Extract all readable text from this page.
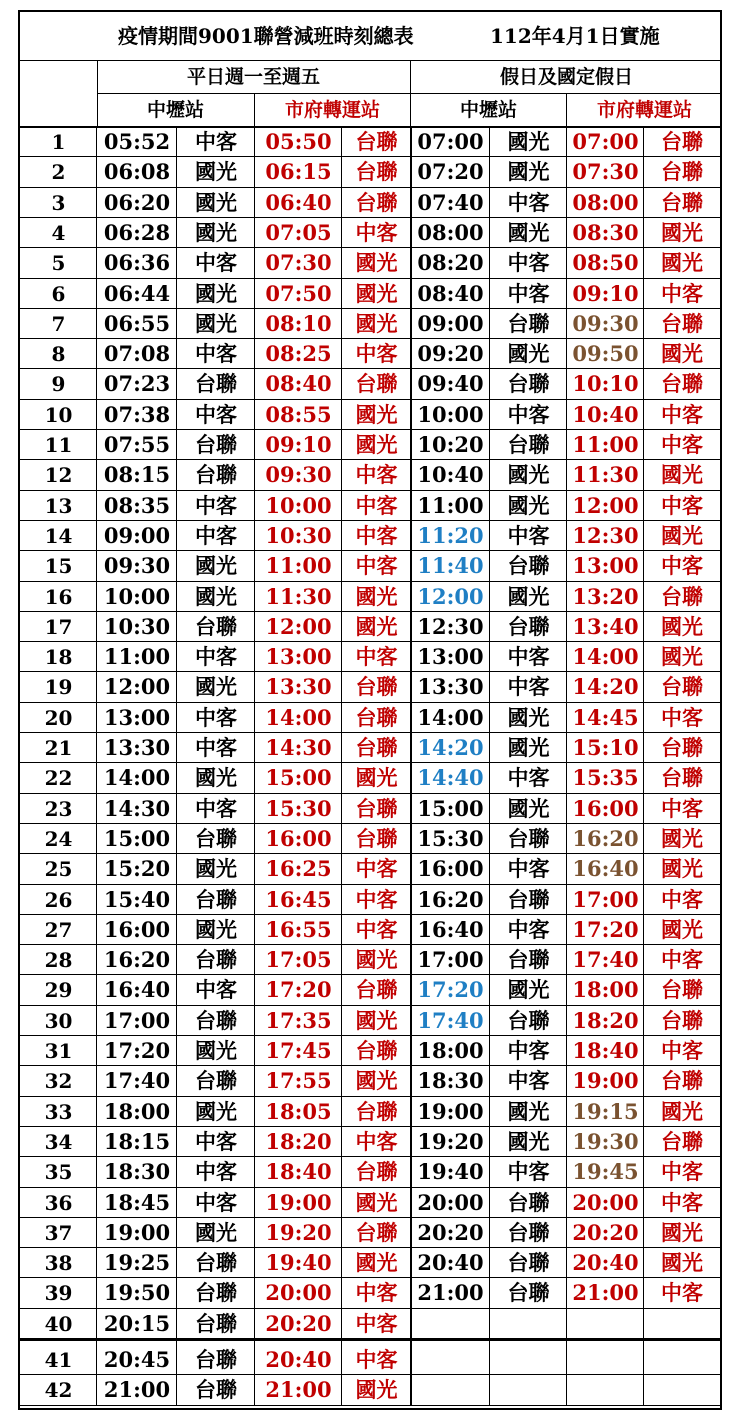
疫情期間9001聯營減班時刻總表	112年4月1日實施
平日週一至週五	假日及國定假日
中壢站	市府轉運站	中壢站	市府轉運站
1	05:52	中客	05:50	台聯 07:00	國光	07:00	台聯
2	06:08	國光	06:15	台聯 07:20	國光	07:30	台聯
3	06:20	國光	06:40	台聯 07:40	中客	08:00	台聯
4	06:28	國光	07:05	中客 08:00	國光	08:30	國光
5	06:36	中客	07:30	國光 08:20	中客	08:50	國光
6	06:44	國光	07:50	國光 08:40	中客	09:10	中客
7	06:55	國光	08:10	國光 09:00	台聯	09:30	台聯
8	07:08	中客	08:25	中客 09:20	國光	09:50	國光
9	07:23	台聯	08:40	台聯 09:40	台聯	10:10	台聯
10	07:38	中客	08:55	國光 10:00	中客	10:40	中客
11	07:55	台聯	09:10	國光 10:20	台聯	11:00	中客
12	08:15	台聯	09:30	中客 10:40	國光	11:30	國光
13	08:35	中客	10:00	中客 11:00	國光	12:00	中客
14	09:00	中客	10:30	中客 11:20	中客	12:30	國光
15	09:30	國光	11:00	中客 11:40	台聯	13:00	中客
16	10:00	國光	11:30	國光 12:00	國光	13:20	台聯
17	10:30	台聯	12:00	國光 12:30	台聯	13:40	國光
18	11:00	中客	13:00	中客 13:00	中客	14:00	國光
19	12:00	國光	13:30	台聯 13:30	中客	14:20	台聯
20	13:00	中客	14:00	台聯 14:00	國光	14:45	中客
21	13:30	中客	14:30	台聯 14:20	國光	15:10	台聯
22	14:00	國光	15:00	國光 14:40	中客	15:35	台聯
23	14:30	中客	15:30	台聯 15:00	國光	16:00	中客
24	15:00	台聯	16:00	台聯 15:30	台聯	16:20	國光
25	15:20	國光	16:25	中客 16:00	中客	16:40	國光
26	15:40	台聯	16:45	中客 16:20	台聯	17:00	中客
27	16:00	國光	16:55	中客 16:40	中客	17:20	國光
28	16:20	台聯	17:05	國光 17:00	台聯	17:40	中客
29	16:40	中客	17:20	台聯 17:20	國光	18:00	台聯
30	17:00	台聯	17:35	國光 17:40	台聯	18:20	台聯
31	17:20	國光	17:45	台聯 18:00	中客	18:40	中客
32	17:40	台聯	17:55	國光 18:30	中客	19:00	台聯
33	18:00	國光	18:05	台聯 19:00	國光	19:15	國光
34	18:15	中客	18:20	中客 19:20	國光	19:30	台聯
35	18:30	中客	18:40	台聯 19:40	中客	19:45	中客
36	18:45	中客	19:00	國光 20:00	台聯	20:00	中客
37	19:00	國光	19:20	台聯 20:20	台聯	20:20	國光
38	19:25	台聯	19:40	國光 20:40	台聯	20:40	國光
39	19:50	台聯	20:00	中客 21:00	台聯	21:00	中客
40	20:15	台聯	20:20	中客
41	20:45	台聯	20:40	中客
42	21:00	台聯	21:00	國光
